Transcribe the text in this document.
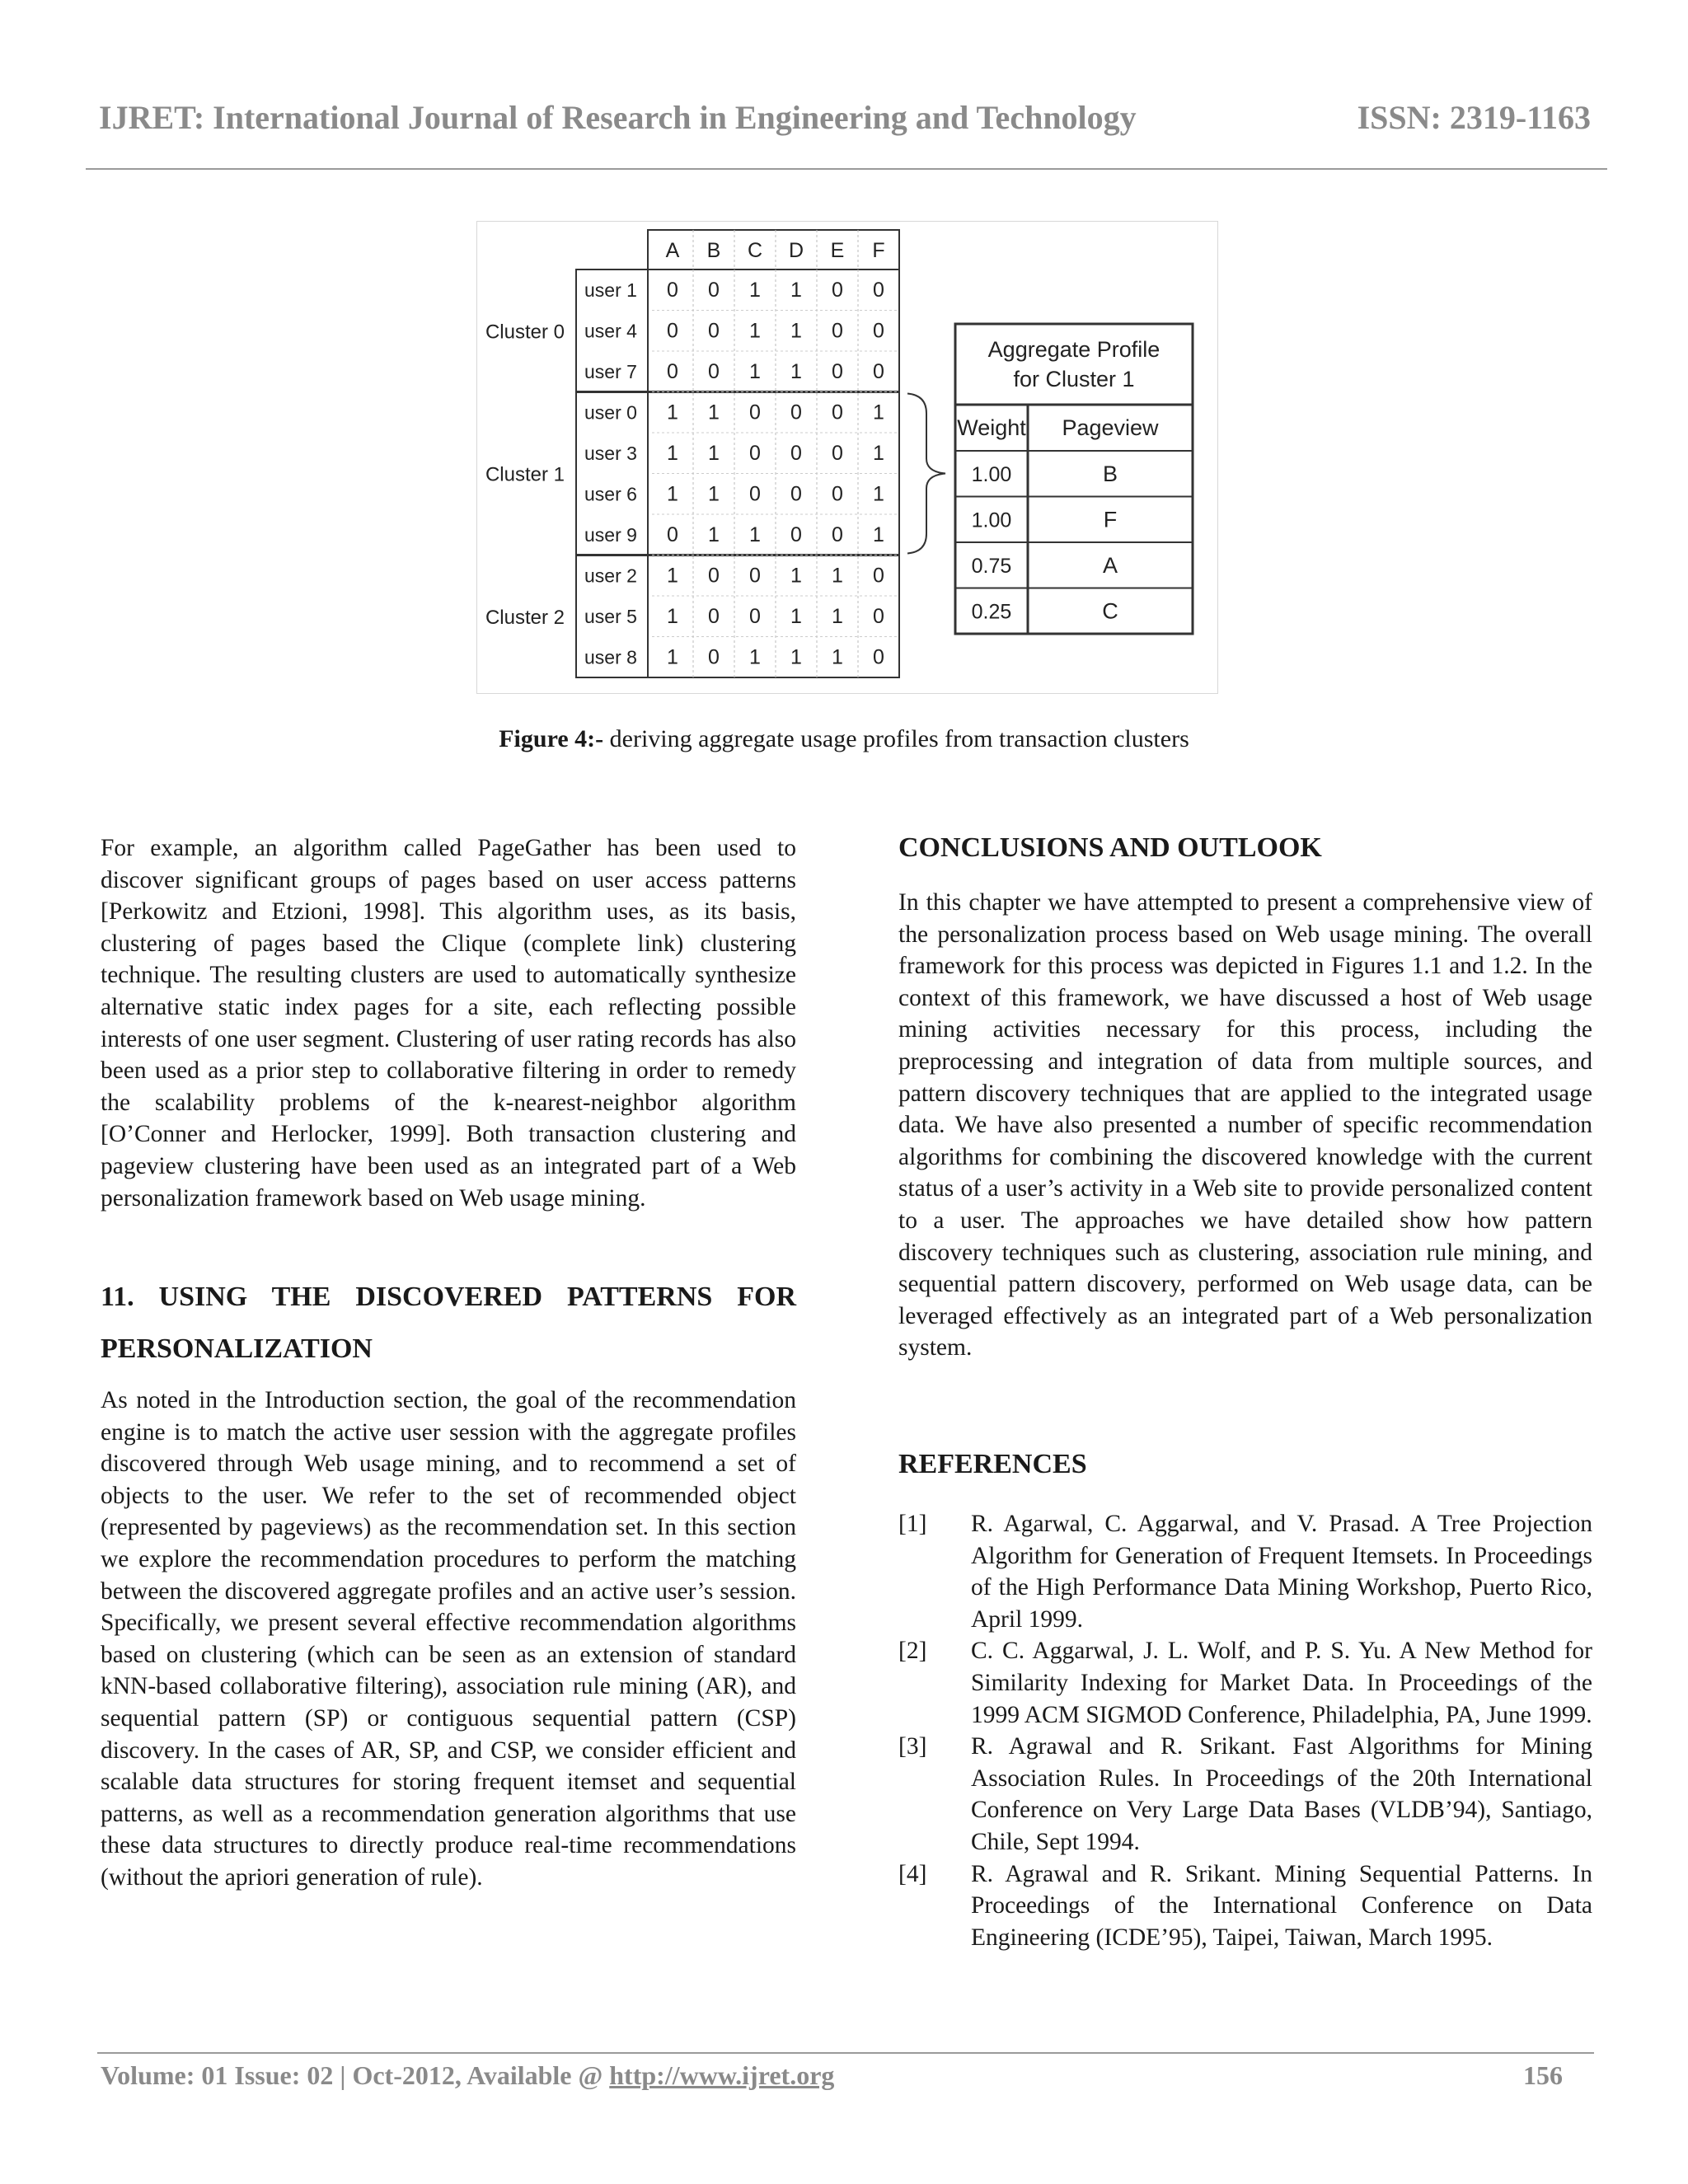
IJRET: International Journal of Research in Engineering and Technology	ISSN: 2319-1163
A B C D E F
user 1 0 0 1 1 0 0
user 4 0 0 1 1 0 0
user 7 0 0 1 1 0 0
Cluster 0
user 0 1 1 0 0 0 1
user 3 1 1 0 0 0 1
user 6 1 1 0 0 0 1
user 9 0 1 1 0 0 1
Cluster 1
user 2 1 0 0 1 1 0
user 5 1 0 0 1 1 0
user 8 1 0 1 1 1 0
Cluster 2
Aggregate Profile
for Cluster 1
Weight Pageview
1.00	B
1.00	F
0.75	A
0.25	C
Figure 4:- deriving aggregate usage profiles from transaction clusters

For example, an algorithm called PageGather has been used to discover significant groups of pages based on user access patterns [Perkowitz and Etzioni, 1998]. This algorithm uses, as its basis, clustering of pages based the Clique (complete link) clustering technique. The resulting clusters are used to automatically synthesize alternative static index pages for a site, each reflecting possible interests of one user segment. Clustering of user rating records has also been used as a prior step to collaborative filtering in order to remedy the scalability problems of the k-nearest-neighbor algorithm [O’Conner and Herlocker, 1999]. Both transaction clustering and pageview clustering have been used as an integrated part of a Web personalization framework based on Web usage mining.

11. USING THE DISCOVERED PATTERNS FOR
PERSONALIZATION

As noted in the Introduction section, the goal of the recommendation engine is to match the active user session with the aggregate profiles discovered through Web usage mining, and to recommend a set of objects to the user. We refer to the set of recommended object (represented by pageviews) as the recommendation set. In this section we explore the recommendation procedures to perform the matching between the discovered aggregate profiles and an active user’s session. Specifically, we present several effective recommendation algorithms based on clustering (which can be seen as an extension of standard kNN-based collaborative filtering), association rule mining (AR), and sequential pattern (SP) or contiguous sequential pattern (CSP) discovery. In the cases of AR, SP, and CSP, we consider efficient and scalable data structures for storing frequent itemset and sequential patterns, as well as a recommendation generation algorithms that use these data structures to directly produce real-time recommendations (without the apriori generation of rule).

CONCLUSIONS AND OUTLOOK

In this chapter we have attempted to present a comprehensive view of the personalization process based on Web usage mining. The overall framework for this process was depicted in Figures 1.1 and 1.2. In the context of this framework, we have discussed a host of Web usage mining activities necessary for this process, including the preprocessing and integration of data from multiple sources, and pattern discovery techniques that are applied to the integrated usage data. We have also presented a number of specific recommendation algorithms for combining the discovered knowledge with the current status of a user’s activity in a Web site to provide personalized content to a user. The approaches we have detailed show how pattern discovery techniques such as clustering, association rule mining, and sequential pattern discovery, performed on Web usage data, can be leveraged effectively as an integrated part of a Web personalization system.

REFERENCES
[1]	R. Agarwal, C. Aggarwal, and V. Prasad. A Tree Projection Algorithm for Generation of Frequent Itemsets. In Proceedings of the High Performance Data Mining Workshop, Puerto Rico, April 1999.
[2]	C. C. Aggarwal, J. L. Wolf, and P. S. Yu. A New Method for Similarity Indexing for Market Data. In Proceedings of the 1999 ACM SIGMOD Conference, Philadelphia, PA, June 1999.
[3]	R. Agrawal and R. Srikant. Fast Algorithms for Mining Association Rules. In Proceedings of the 20th International Conference on Very Large Data Bases (VLDB’94), Santiago, Chile, Sept 1994.
[4]	R. Agrawal and R. Srikant. Mining Sequential Patterns. In Proceedings of the International Conference on Data Engineering (ICDE’95), Taipei, Taiwan, March 1995.
Volume: 01 Issue: 02 | Oct-2012, Available @ http://www.ijret.org	156
